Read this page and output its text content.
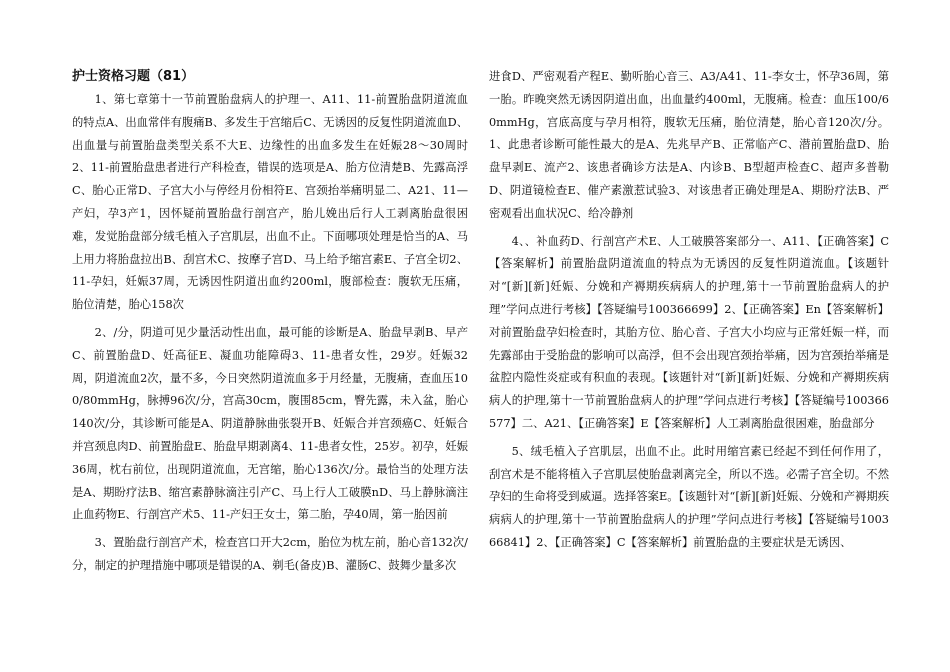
护士资格习题（81）

1、第七章第十一节前置胎盘病人的护理一、A11、11-前置胎盘阴道流血的特点A、出血常伴有腹痛B、多发生于宫缩后C、无诱因的反复性阴道流血D、出血量与前置胎盘类型关系不大E、边缘性的出血多发生在妊娠28～30周时 2、11-前置胎盘患者进行产科检查，错误的选项是A、胎方位清楚B、先露高浮C、胎心正常D、子宫大小与停经月份相符E、宫颈抬举痛明显二、A21、11—产妇，孕3产1，因怀疑前置胎盘行剖宫产，胎儿娩出后行人工剥离胎盘很困难，发觉胎盘部分绒毛植入子宫肌层，出血不止。下面哪项处理是恰当的A、马上用力将胎盘拉出B、刮宫术C、按摩子宫D、马上给予缩宫素E、子宫全切2、11-孕妇，妊娠37周，无诱因性阴道出血约200ml，腹部检查：腹软无压痛，胎位清楚，胎心158次

2、/分，阴道可见少量活动性出血，最可能的诊断是A、胎盘早剥B、早产C、前置胎盘D、妊高征E、凝血功能障碍3、11-患者女性，29岁。妊娠32周，阴道流血2次，量不多，今日突然阴道流血多于月经量，无腹痛，查血压100/80mmHg，脉搏96次/分，宫高30cm，腹围85cm，臀先露，未入盆，胎心140次/分，其诊断可能是A、阴道静脉曲张裂开B、妊娠合并宫颈癌C、妊娠合并宫颈息肉D、前置胎盘E、胎盘早期剥离4、11-患者女性，25岁。初孕，妊娠36周，枕右前位，出现阴道流血，无宫缩，胎心136次/分。最恰当的处理方法是A、期盼疗法B、缩宫素静脉滴注引产C、马上行人工破膜nD、马上静脉滴注止血药物E、行剖宫产术5、11-产妇王女士，第二胎，孕40周，第一胎因前

3、置胎盘行剖宫产术，检查宫口开大2cm，胎位为枕左前，胎心音132次/分，制定的护理措施中哪项是错误的A、剃毛(备皮)B、灌肠C、鼓舞少量多次

进食D、严密观看产程E、勤听胎心音三、A3/A41、11-李女士，怀孕36周，第一胎。昨晚突然无诱因阴道出血，出血量约400ml，无腹痛。检查：血压100/60mmHg，宫底高度与孕月相符，腹软无压痛，胎位清楚，胎心音120次/分。1、此患者诊断可能性最大的是A、先兆早产B、正常临产C、潜前置胎盘D、胎盘早剥E、流产2、该患者确诊方法是A、内诊B、B型超声检查C、超声多普勒D、阴道镜检查E、催产素激惹试验3、对该患者正确处理是A、期盼疗法B、严密观看出血状况C、给冷静剂

4、、补血药D、行剖宫产术E、人工破膜答案部分一、A11、【正确答案】C【答案解析】前置胎盘阴道流血的特点为无诱因的反复性阴道流血。【该题针对“[新][新]妊娠、分娩和产褥期疾病病人的护理,第十一节前置胎盘病人的护理”学问点进行考核】【答疑编号100366699】2、【正确答案】En【答案解析】对前置胎盘孕妇检查时，其胎方位、胎心音、子宫大小均应与正常妊娠一样，而先露部由于受胎盘的影响可以高浮，但不会出现宫颈抬举痛，因为宫颈抬举痛是盆腔内隐性炎症或有积血的表现。【该题针对“[新][新]妊娠、分娩和产褥期疾病病人的护理,第十一节前置胎盘病人的护理”学问点进行考核】【答疑编号100366577】二、A21、【正确答案】E【答案解析】人工剥离胎盘很困难，胎盘部分

5、绒毛植入子宫肌层，出血不止。此时用缩宫素已经起不到任何作用了，刮宫术是不能将植入子宫肌层使胎盘剥离完全，所以不选。必需子宫全切。不然孕妇的生命将受到威逼。选择答案E。【该题针对“[新][新]妊娠、分娩和产褥期疾病病人的护理,第十一节前置胎盘病人的护理”学问点进行考核】【答疑编号100366841】2、【正确答案】C【答案解析】前置胎盘的主要症状是无诱因、
